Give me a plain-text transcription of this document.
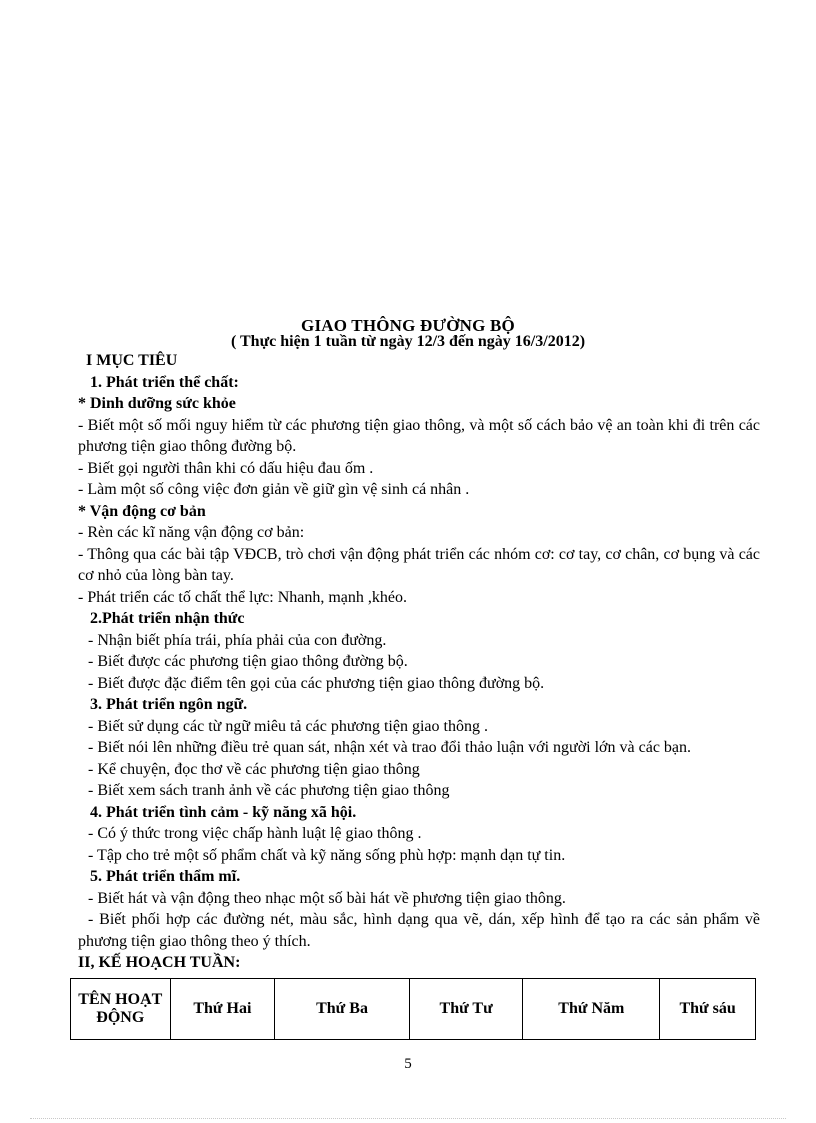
GIAO THÔNG ĐƯỜNG BỘ
( Thực hiện 1 tuần từ ngày 12/3 đến ngày 16/3/2012)

I MỤC TIÊU

1. Phát triển thể chất:

* Dinh dưỡng sức khỏe

- Biết một số mối nguy hiểm từ các phương tiện giao thông, và một số cách bảo vệ an toàn khi đi trên các phương tiện giao thông đường bộ.

- Biết gọi người thân khi có dấu hiệu đau ốm .

- Làm một số công việc đơn giản về giữ gìn vệ sinh cá nhân .

* Vận động cơ bản

- Rèn các kĩ năng vận động cơ bản:

- Thông qua các bài tập VĐCB, trò chơi vận động phát triển các nhóm cơ: cơ tay, cơ chân, cơ bụng và các cơ nhỏ của lòng bàn tay.

- Phát triển các tố chất thể lực: Nhanh, mạnh ,khéo.

2.Phát triển nhận thức

- Nhận biết phía trái, phía phải của con đường.

- Biết được các phương tiện giao thông đường bộ.

- Biết được đặc điểm tên gọi của các phương tiện giao thông đường bộ.

3. Phát triển ngôn ngữ.

- Biết sử dụng các từ ngữ miêu tả các phương tiện giao thông .

- Biết nói lên những điều trẻ quan sát, nhận xét và trao đổi thảo luận với người lớn và các bạn.

- Kể chuyện, đọc thơ về các phương tiện giao thông

- Biết xem sách tranh ảnh về các phương tiện giao thông

4. Phát triển tình cảm - kỹ năng xã hội.

- Có ý thức trong việc chấp hành luật lệ giao thông .

- Tập cho trẻ một số phẩm chất và kỹ năng sống phù hợp: mạnh dạn tự tin.

5. Phát triển thẩm mĩ.

- Biết hát và vận động theo nhạc một số bài hát về phương tiện giao thông.

- Biết phối hợp các đường nét, màu sắc, hình dạng qua vẽ, dán, xếp hình để tạo ra các sản phẩm về phương tiện giao thông theo ý thích.

II, KẾ HOẠCH TUẦN:

TÊN HOẠT ĐỘNG	Thứ Hai	Thứ Ba	Thứ Tư	Thứ Năm	Thứ sáu
5
